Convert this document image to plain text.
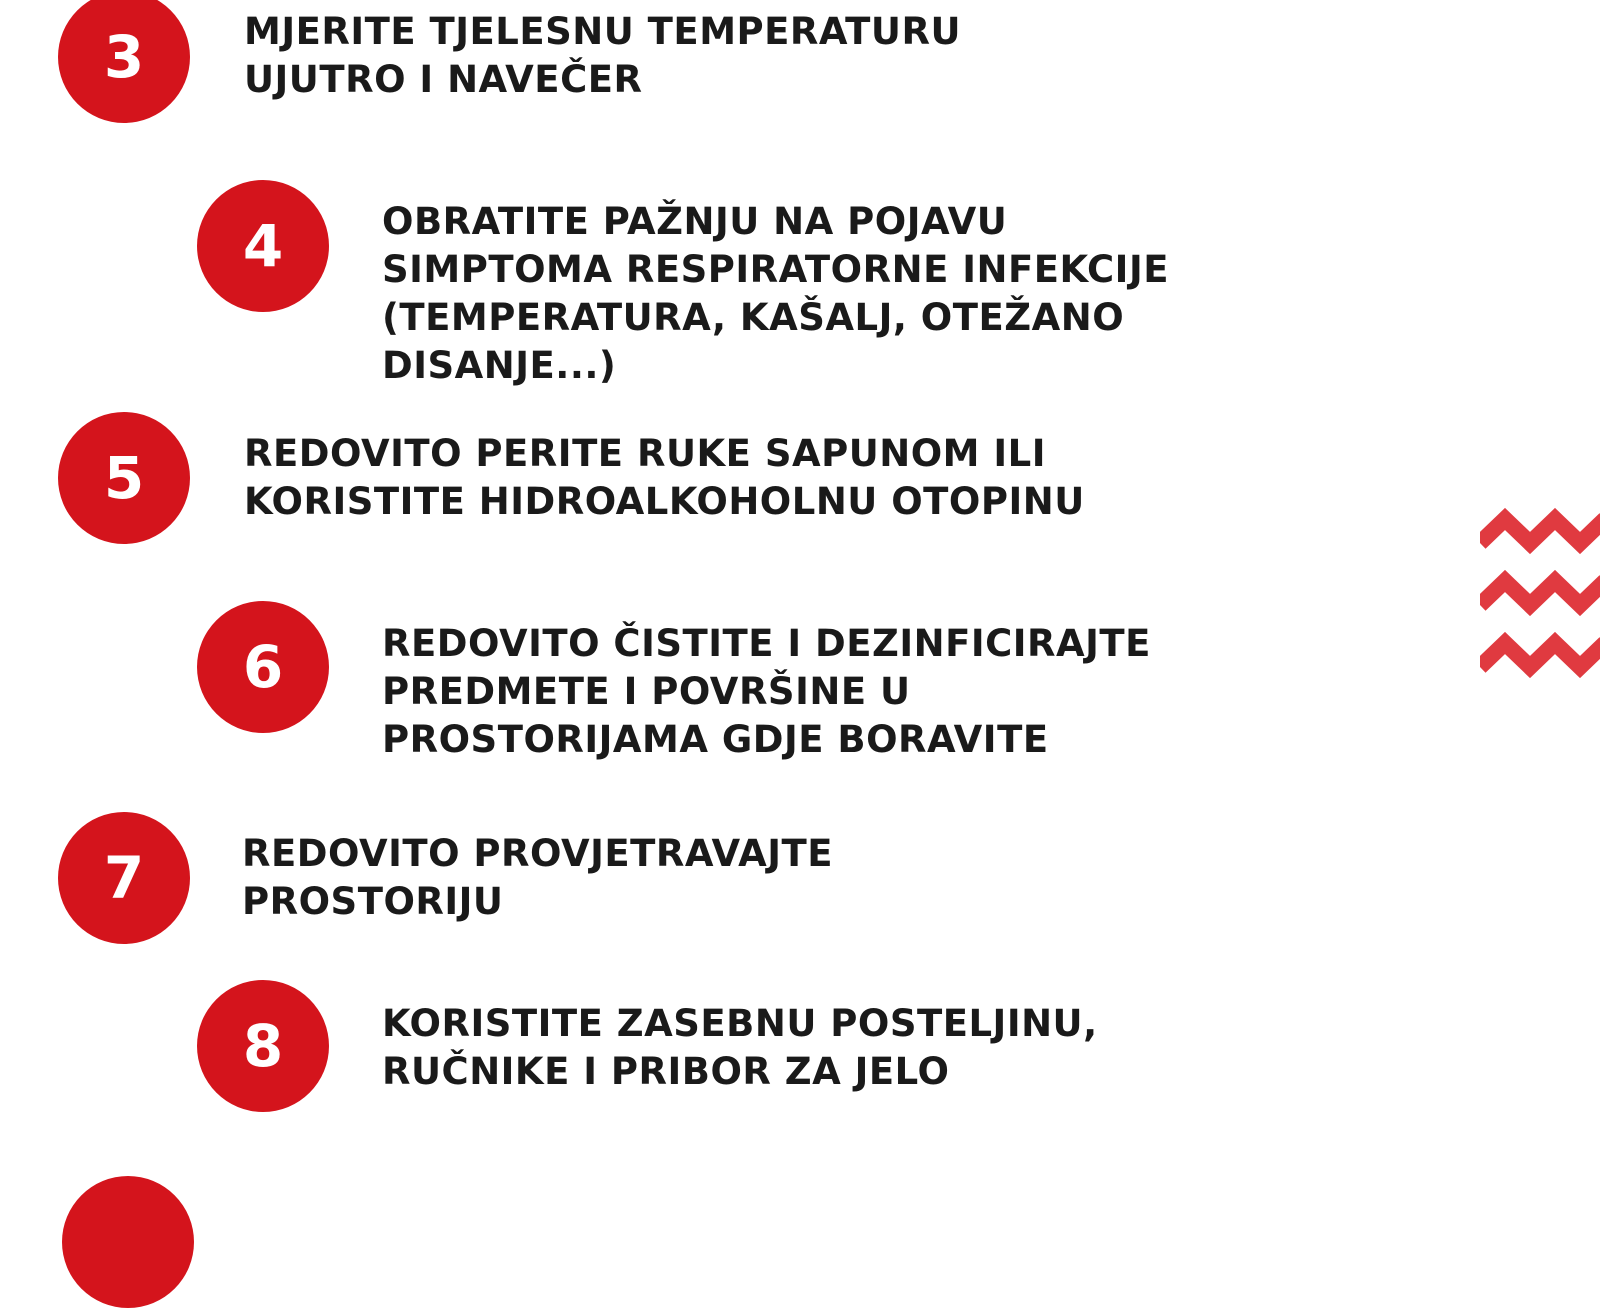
3	MJERITE TJELESNU TEMPERATURU
UJUTRO I NAVEČER

4	OBRATITE PAŽNJU NA POJAVU
SIMPTOMA RESPIRATORNE INFEKCIJE
(TEMPERATURA, KAŠALJ, OTEŽANO
DISANJE...)

5	REDOVITO PERITE RUKE SAPUNOM ILI
KORISTITE HIDROALKOHOLNU OTOPINU

6	REDOVITO ČISTITE I DEZINFICIRAJTE
PREDMETE I POVRŠINE U
PROSTORIJAMA GDJE BORAVITE

7	REDOVITO PROVJETRAVAJTE
PROSTORIJU

8	KORISTITE ZASEBNU POSTELJINU,
RUČNIKE I PRIBOR ZA JELO
